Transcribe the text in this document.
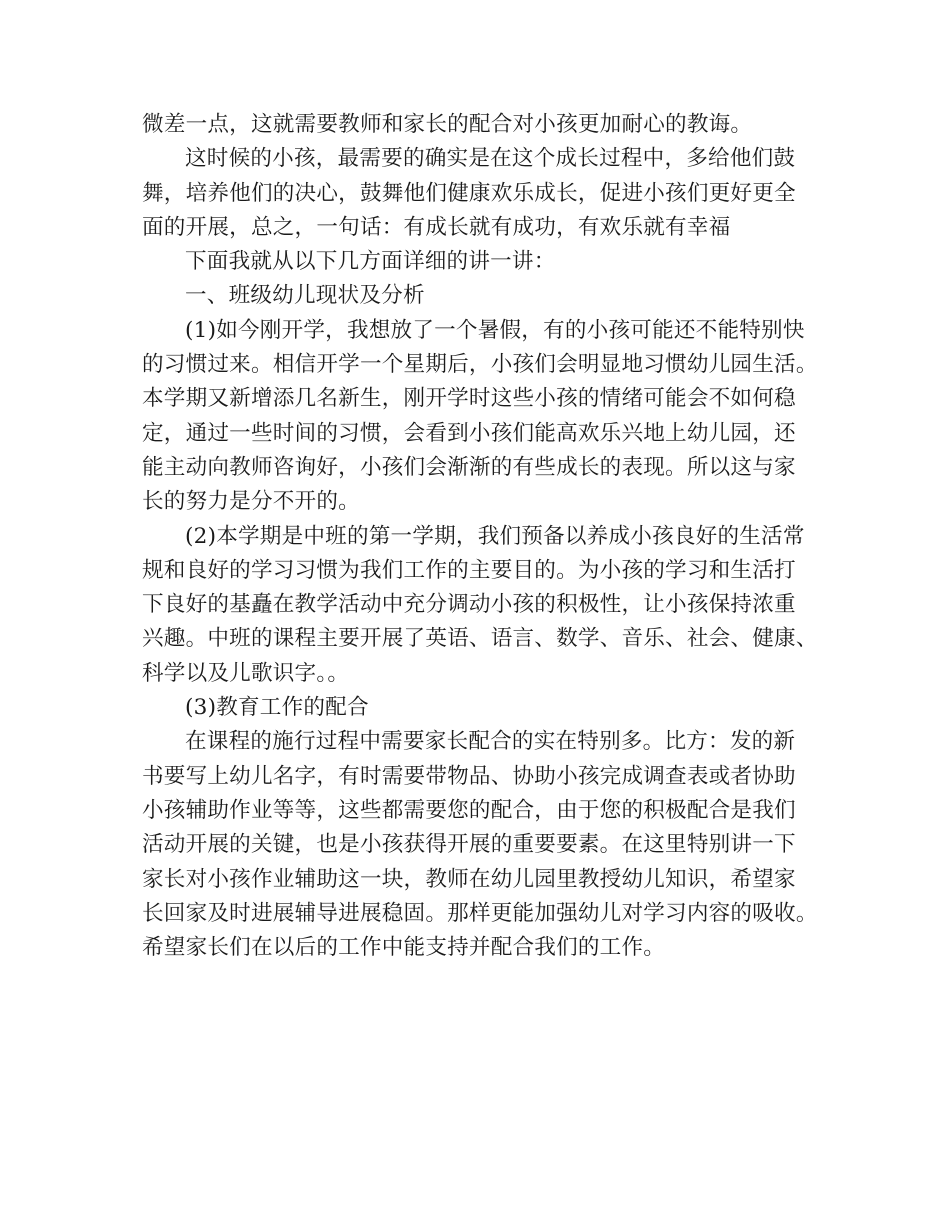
微差一点，这就需要教师和家长的配合对小孩更加耐心的教诲。
这时候的小孩，最需要的确实是在这个成长过程中，多给他们鼓
舞，培养他们的决心，鼓舞他们健康欢乐成长，促进小孩们更好更全
面的开展，总之，一句话：有成长就有成功，有欢乐就有幸福
下面我就从以下几方面详细的讲一讲：
一、班级幼儿现状及分析
(1)如今刚开学，我想放了一个暑假，有的小孩可能还不能特别快
的习惯过来。相信开学一个星期后，小孩们会明显地习惯幼儿园生活。
本学期又新增添几名新生，刚开学时这些小孩的情绪可能会不如何稳
定，通过一些时间的习惯，会看到小孩们能高欢乐兴地上幼儿园，还
能主动向教师咨询好，小孩们会渐渐的有些成长的表现。所以这与家
长的努力是分不开的。
(2)本学期是中班的第一学期，我们预备以养成小孩良好的生活常
规和良好的学习习惯为我们工作的主要目的。为小孩的学习和生活打
下良好的基矗在教学活动中充分调动小孩的积极性，让小孩保持浓重
兴趣。中班的课程主要开展了英语、语言、数学、音乐、社会、健康、
科学以及儿歌识字。。
(3)教育工作的配合
在课程的施行过程中需要家长配合的实在特别多。比方：发的新
书要写上幼儿名字，有时需要带物品、协助小孩完成调查表或者协助
小孩辅助作业等等，这些都需要您的配合，由于您的积极配合是我们
活动开展的关键，也是小孩获得开展的重要要素。在这里特别讲一下
家长对小孩作业辅助这一块，教师在幼儿园里教授幼儿知识，希望家
长回家及时进展辅导进展稳固。那样更能加强幼儿对学习内容的吸收。
希望家长们在以后的工作中能支持并配合我们的工作。
